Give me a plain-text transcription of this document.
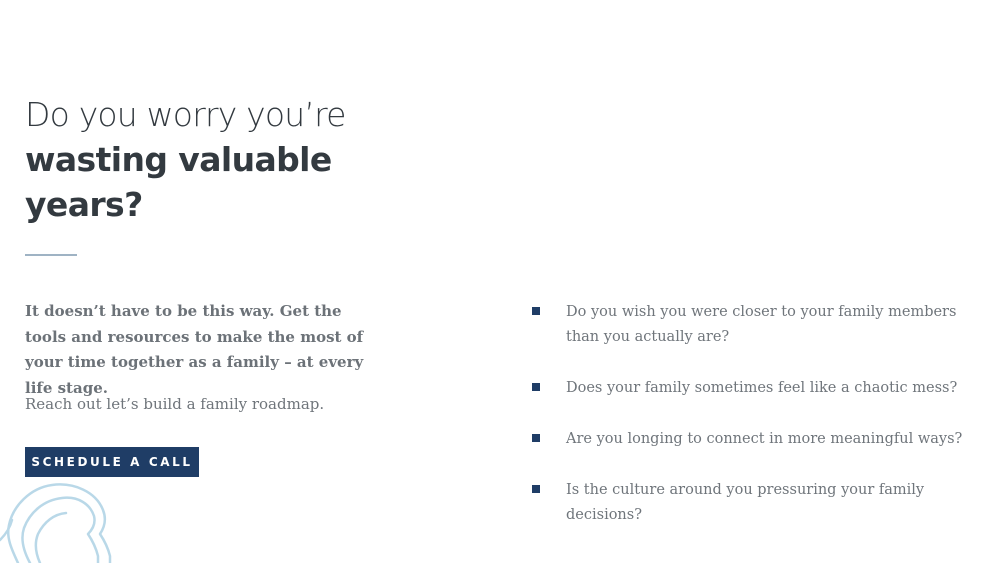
Do you worry you’re
wasting valuable
years?

It doesn’t have to be this way. Get the tools and resources to make the most of your time together as a family – at every life stage.

Reach out let’s build a family roadmap.

SCHEDULE A CALL
Do you wish you were closer to your family members than you actually are?
Does your family sometimes feel like a chaotic mess?
Are you longing to connect in more meaningful ways?
Is the culture around you pressuring your family decisions?
